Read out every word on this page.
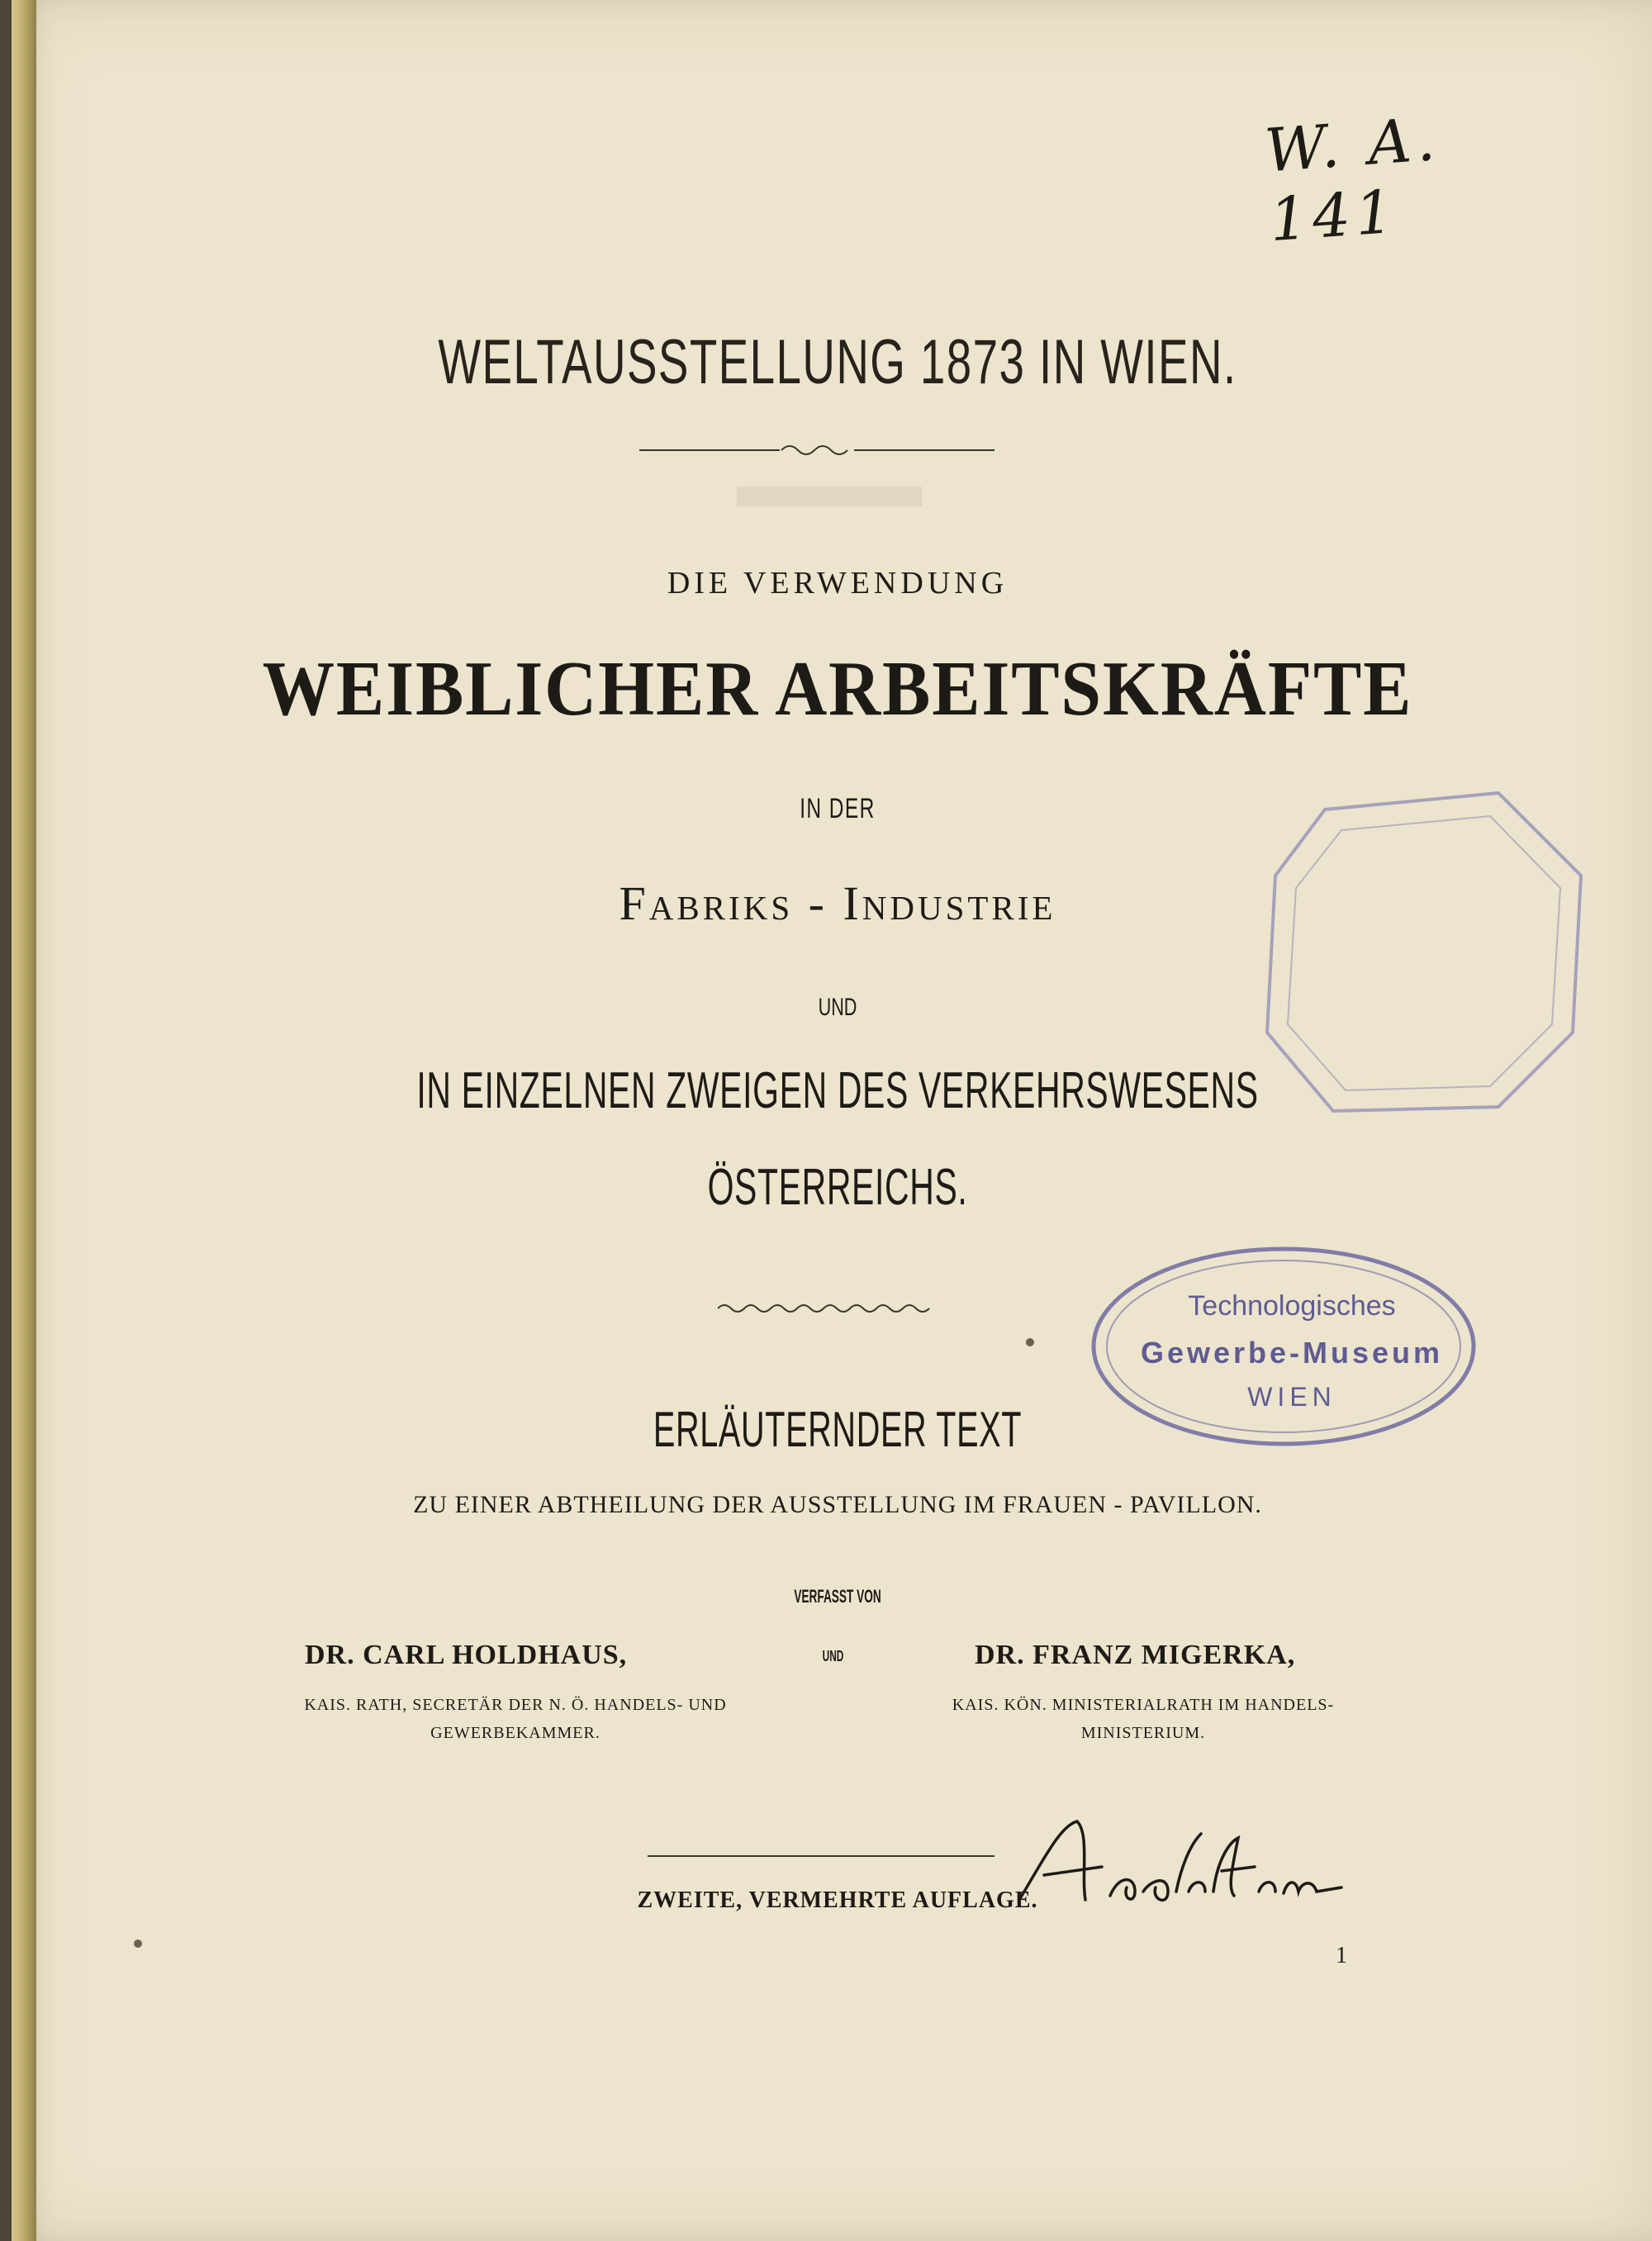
▬▬▬▬
W. A. 141
WELTAUSSTELLUNG 1873 IN WIEN.
DIE VERWENDUNG
WEIBLICHER ARBEITSKRÄFTE
IN DER
Fabriks - Industrie
UND
IN EINZELNEN ZWEIGEN DES VERKEHRSWESENS
ÖSTERREICHS.
ERLÄUTERNDER TEXT
ZU EINER ABTHEILUNG DER AUSSTELLUNG IM FRAUEN - PAVILLON.
VERFASST VON
DR. CARL HOLDHAUS,	UND	DR. FRANZ MIGERKA,
KAIS. RATH, SECRETÄR DER N. Ö. HANDELS- UND
GEWERBEKAMMER.
KAIS. KÖN. MINISTERIALRATH IM HANDELS-
MINISTERIUM.
ZWEITE, VERMEHRTE AUFLAGE.
1
Technologisches
Gewerbe-Museum
WIEN
